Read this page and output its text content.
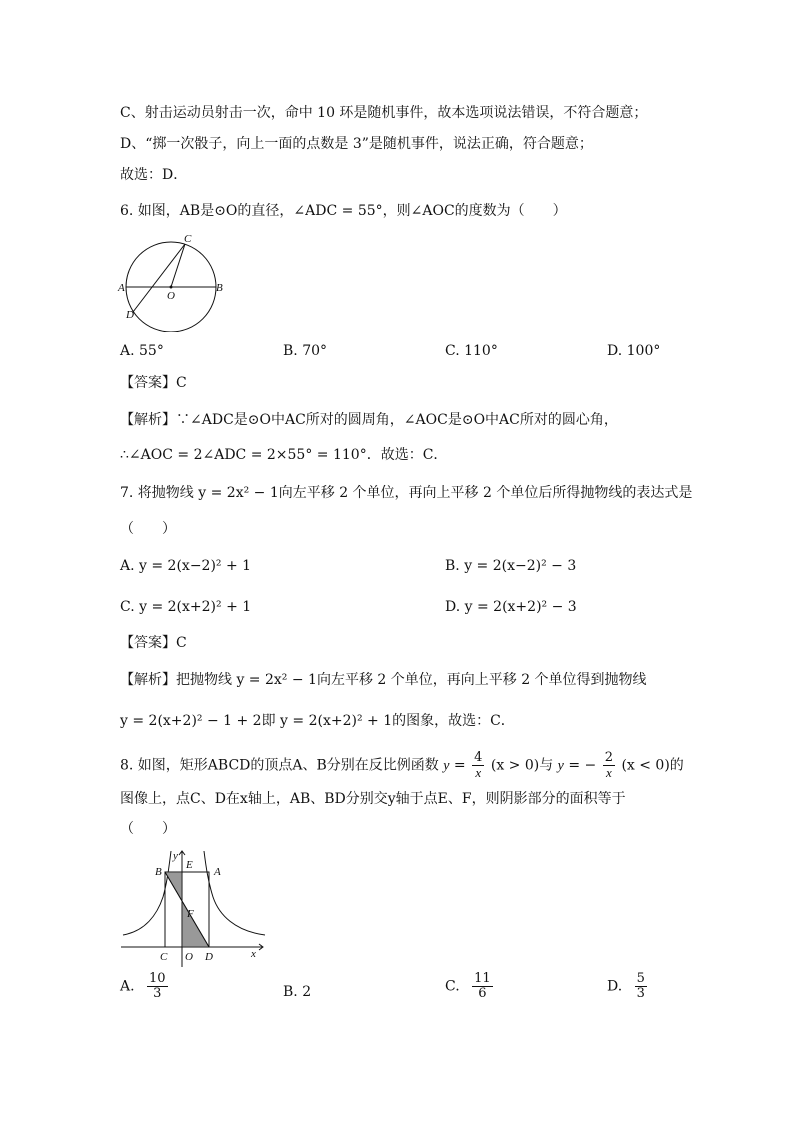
C、射击运动员射击一次，命中 10 环是随机事件，故本选项说法错误，不符合题意；
D、“掷一次骰子，向上一面的点数是 3”是随机事件，说法正确，符合题意；
故选：D．
6. 如图，AB是⊙O的直径，∠ADC = 55°，则∠AOC的度数为（　　）
C
A
O
B
D
A. 55°	B. 70°	C. 110°	D. 100°
【答案】C
【解析】∵∠ADC是⊙O中AC所对的圆周角，∠AOC是⊙O中AC所对的圆心角，
∴∠AOC = 2∠ADC = 2×55° = 110°．故选：C．
7. 将抛物线 y = 2x² − 1向左平移 2 个单位，再向上平移 2 个单位后所得抛物线的表达式是
（　　）
A. y = 2(x−2)² + 1	B. y = 2(x−2)² − 3
C. y = 2(x+2)² + 1	D. y = 2(x+2)² − 3
【答案】C
【解析】把抛物线 y = 2x² − 1向左平移 2 个单位，再向上平移 2 个单位得到抛物线
y = 2(x+2)² − 1 + 2即 y = 2(x+2)² + 1的图象，故选：C．
8. 如图，矩形ABCD的顶点A、B分别在反比例函数 $y = \frac{4}{x} (x > 0)$与 y = − $\frac{2}{x} (x < 0)$的
图像上，点C、D在x轴上，AB、BD分别交y轴于点E、F，则阴影部分的面积等于
（　　）
y
B
E
A
F
C O D	x
A. $\frac{10}{3}$	B. 2	C. $\frac{11}{6}$	D. $\frac{5}{3}$
